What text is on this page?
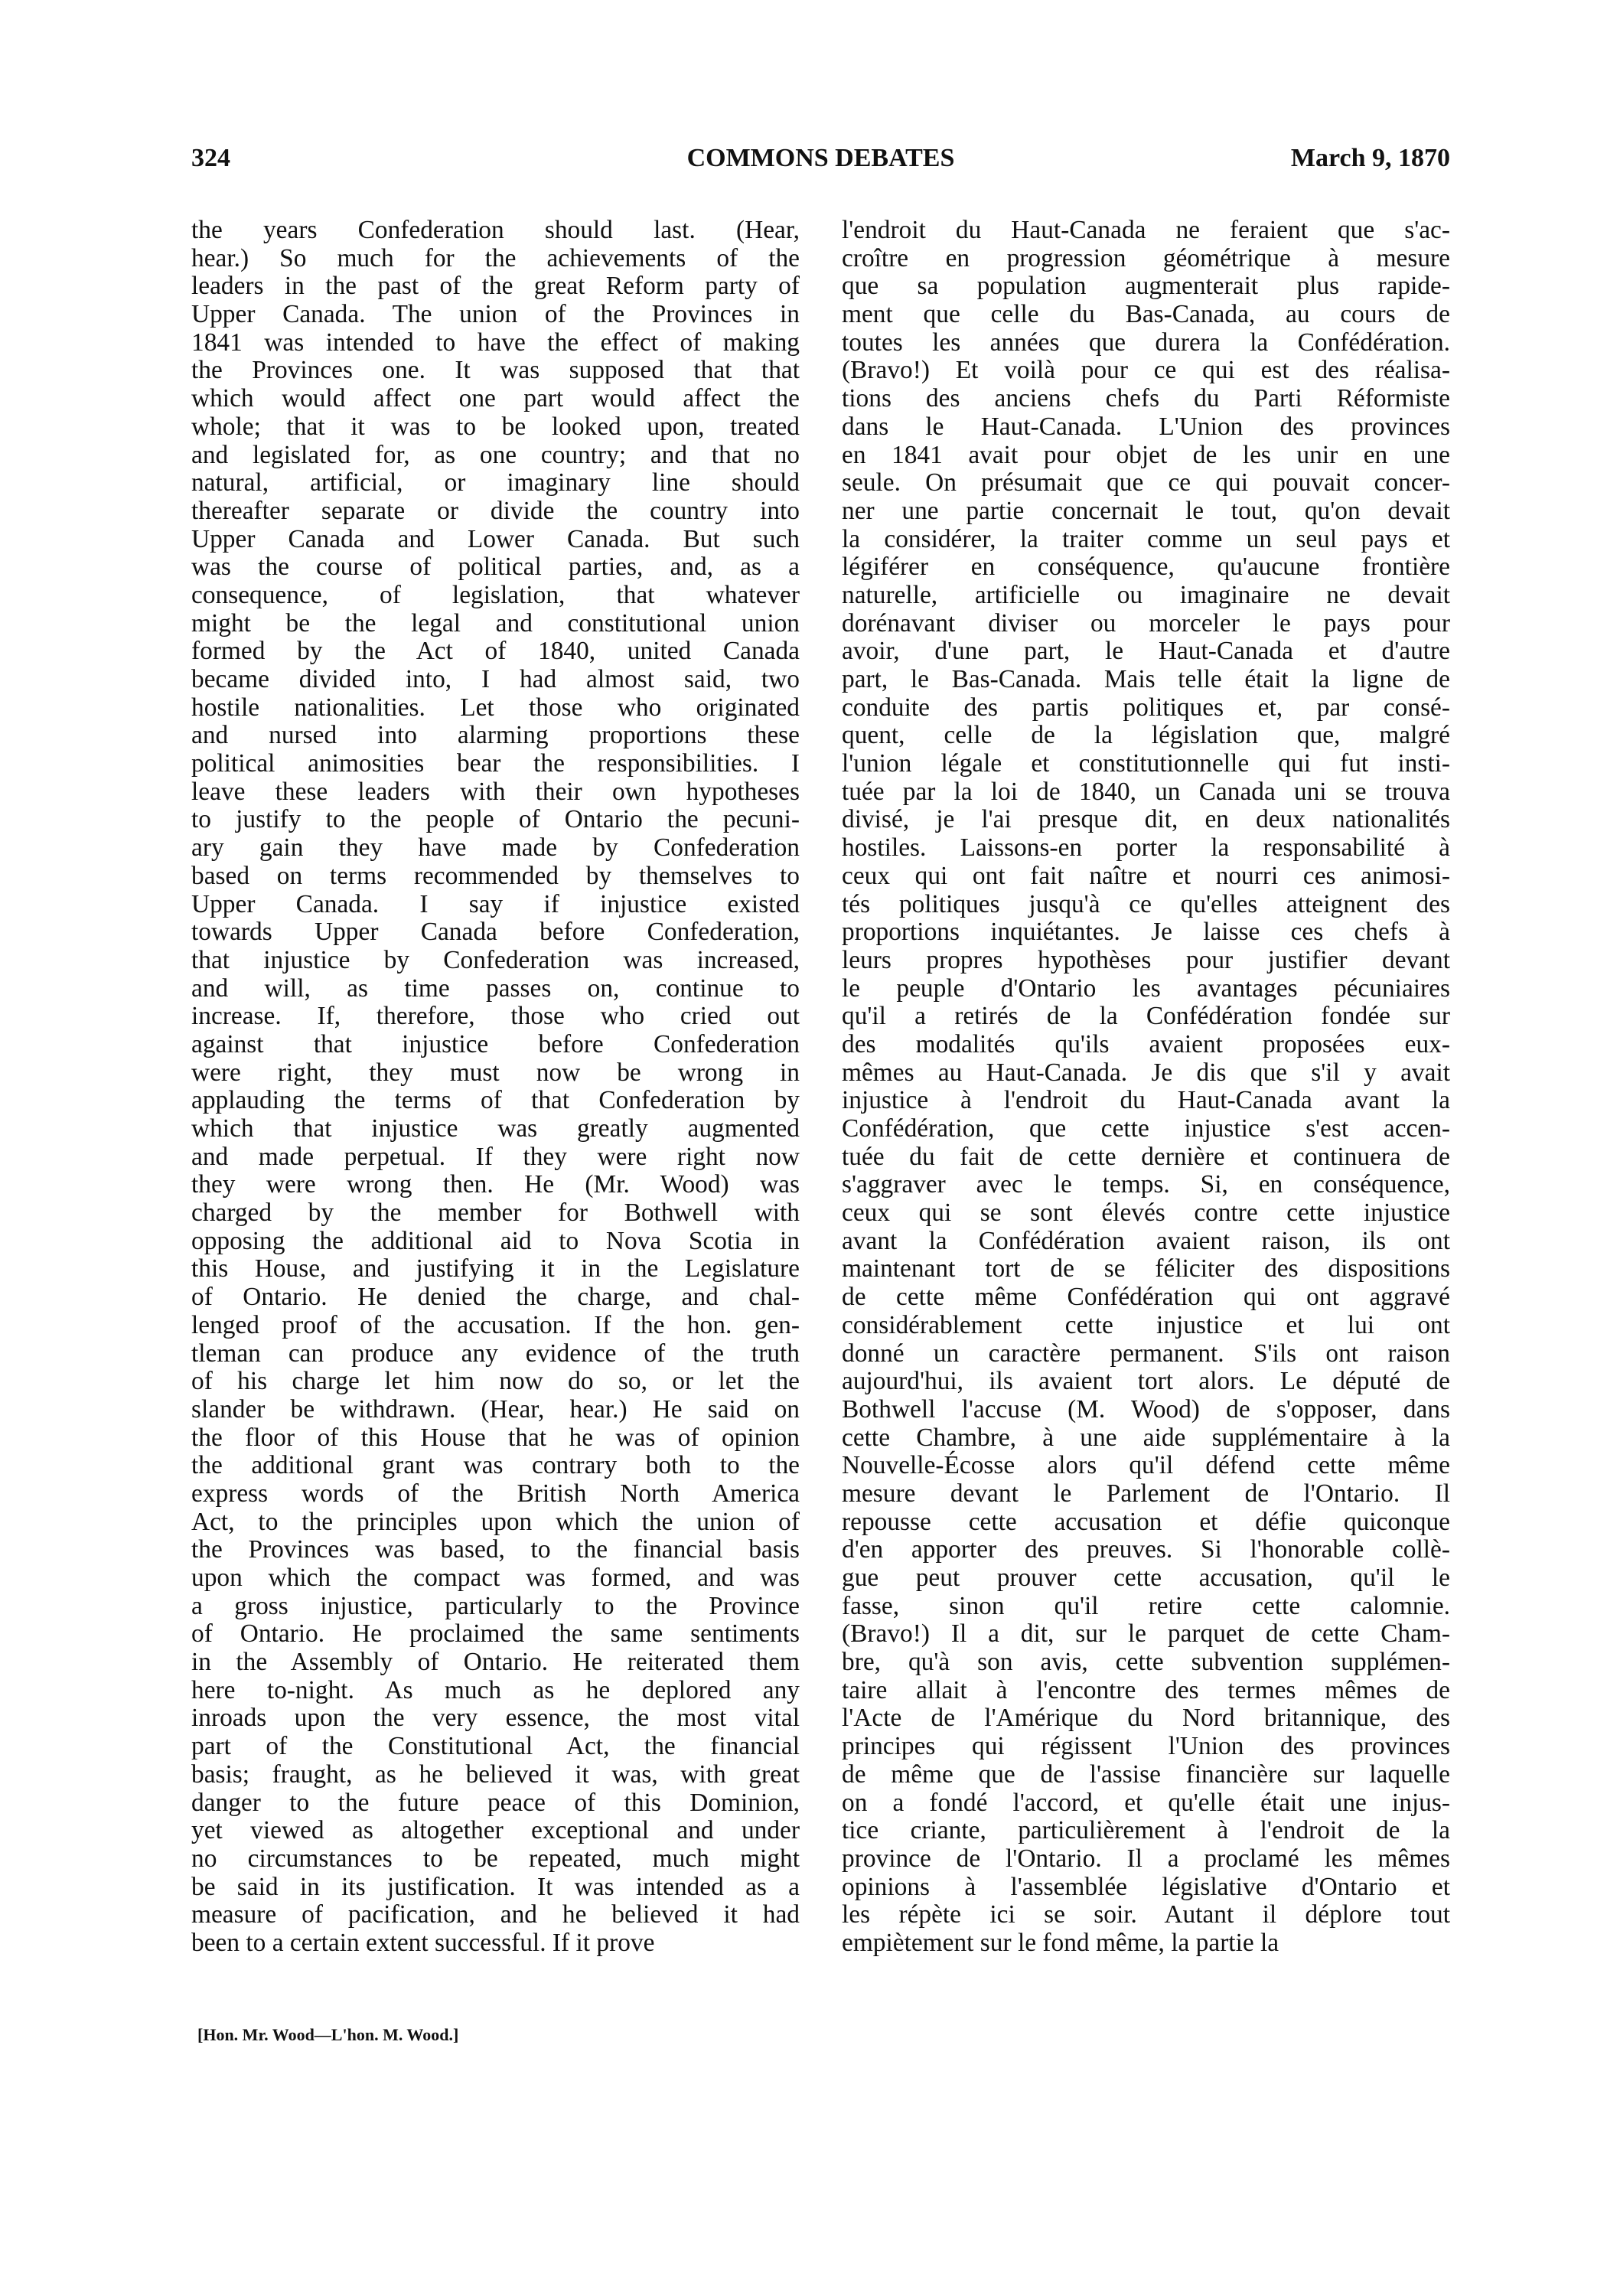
324	COMMONS DEBATES	March 9, 1870
the years Confederation should last. (Hear,
hear.) So much for the achievements of the
leaders in the past of the great Reform party of
Upper Canada. The union of the Provinces in
1841 was intended to have the effect of making
the Provinces one. It was supposed that that
which would affect one part would affect the
whole; that it was to be looked upon, treated
and legislated for, as one country; and that no
natural, artificial, or imaginary line should
thereafter separate or divide the country into
Upper Canada and Lower Canada. But such
was the course of political parties, and, as a
consequence, of legislation, that whatever
might be the legal and constitutional union
formed by the Act of 1840, united Canada
became divided into, I had almost said, two
hostile nationalities. Let those who originated
and nursed into alarming proportions these
political animosities bear the responsibilities. I
leave these leaders with their own hypotheses
to justify to the people of Ontario the pecuni-
ary gain they have made by Confederation
based on terms recommended by themselves to
Upper Canada. I say if injustice existed
towards Upper Canada before Confederation,
that injustice by Confederation was increased,
and will, as time passes on, continue to
increase. If, therefore, those who cried out
against that injustice before Confederation
were right, they must now be wrong in
applauding the terms of that Confederation by
which that injustice was greatly augmented
and made perpetual. If they were right now
they were wrong then. He (Mr. Wood) was
charged by the member for Bothwell with
opposing the additional aid to Nova Scotia in
this House, and justifying it in the Legislature
of Ontario. He denied the charge, and chal-
lenged proof of the accusation. If the hon. gen-
tleman can produce any evidence of the truth
of his charge let him now do so, or let the
slander be withdrawn. (Hear, hear.) He said on
the floor of this House that he was of opinion
the additional grant was contrary both to the
express words of the British North America
Act, to the principles upon which the union of
the Provinces was based, to the financial basis
upon which the compact was formed, and was
a gross injustice, particularly to the Province
of Ontario. He proclaimed the same sentiments
in the Assembly of Ontario. He reiterated them
here to-night. As much as he deplored any
inroads upon the very essence, the most vital
part of the Constitutional Act, the financial
basis; fraught, as he believed it was, with great
danger to the future peace of this Dominion,
yet viewed as altogether exceptional and under
no circumstances to be repeated, much might
be said in its justification. It was intended as a
measure of pacification, and he believed it had
been to a certain extent successful. If it prove
l'endroit du Haut-Canada ne feraient que s'ac-
croître en progression géométrique à mesure
que sa population augmenterait plus rapide-
ment que celle du Bas-Canada, au cours de
toutes les années que durera la Confédération.
(Bravo!) Et voilà pour ce qui est des réalisa-
tions des anciens chefs du Parti Réformiste
dans le Haut-Canada. L'Union des provinces
en 1841 avait pour objet de les unir en une
seule. On présumait que ce qui pouvait concer-
ner une partie concernait le tout, qu'on devait
la considérer, la traiter comme un seul pays et
légiférer en conséquence, qu'aucune frontière
naturelle, artificielle ou imaginaire ne devait
dorénavant diviser ou morceler le pays pour
avoir, d'une part, le Haut-Canada et d'autre
part, le Bas-Canada. Mais telle était la ligne de
conduite des partis politiques et, par consé-
quent, celle de la législation que, malgré
l'union légale et constitutionnelle qui fut insti-
tuée par la loi de 1840, un Canada uni se trouva
divisé, je l'ai presque dit, en deux nationalités
hostiles. Laissons-en porter la responsabilité à
ceux qui ont fait naître et nourri ces animosi-
tés politiques jusqu'à ce qu'elles atteignent des
proportions inquiétantes. Je laisse ces chefs à
leurs propres hypothèses pour justifier devant
le peuple d'Ontario les avantages pécuniaires
qu'il a retirés de la Confédération fondée sur
des modalités qu'ils avaient proposées eux-
mêmes au Haut-Canada. Je dis que s'il y avait
injustice à l'endroit du Haut-Canada avant la
Confédération, que cette injustice s'est accen-
tuée du fait de cette dernière et continuera de
s'aggraver avec le temps. Si, en conséquence,
ceux qui se sont élevés contre cette injustice
avant la Confédération avaient raison, ils ont
maintenant tort de se féliciter des dispositions
de cette même Confédération qui ont aggravé
considérablement cette injustice et lui ont
donné un caractère permanent. S'ils ont raison
aujourd'hui, ils avaient tort alors. Le député de
Bothwell l'accuse (M. Wood) de s'opposer, dans
cette Chambre, à une aide supplémentaire à la
Nouvelle-Écosse alors qu'il défend cette même
mesure devant le Parlement de l'Ontario. Il
repousse cette accusation et défie quiconque
d'en apporter des preuves. Si l'honorable collè-
gue peut prouver cette accusation, qu'il le
fasse, sinon qu'il retire cette calomnie.
(Bravo!) Il a dit, sur le parquet de cette Cham-
bre, qu'à son avis, cette subvention supplémen-
taire allait à l'encontre des termes mêmes de
l'Acte de l'Amérique du Nord britannique, des
principes qui régissent l'Union des provinces
de même que de l'assise financière sur laquelle
on a fondé l'accord, et qu'elle était une injus-
tice criante, particulièrement à l'endroit de la
province de l'Ontario. Il a proclamé les mêmes
opinions à l'assemblée législative d'Ontario et
les répète ici se soir. Autant il déplore tout
empiètement sur le fond même, la partie la
[Hon. Mr. Wood—L'hon. M. Wood.]
